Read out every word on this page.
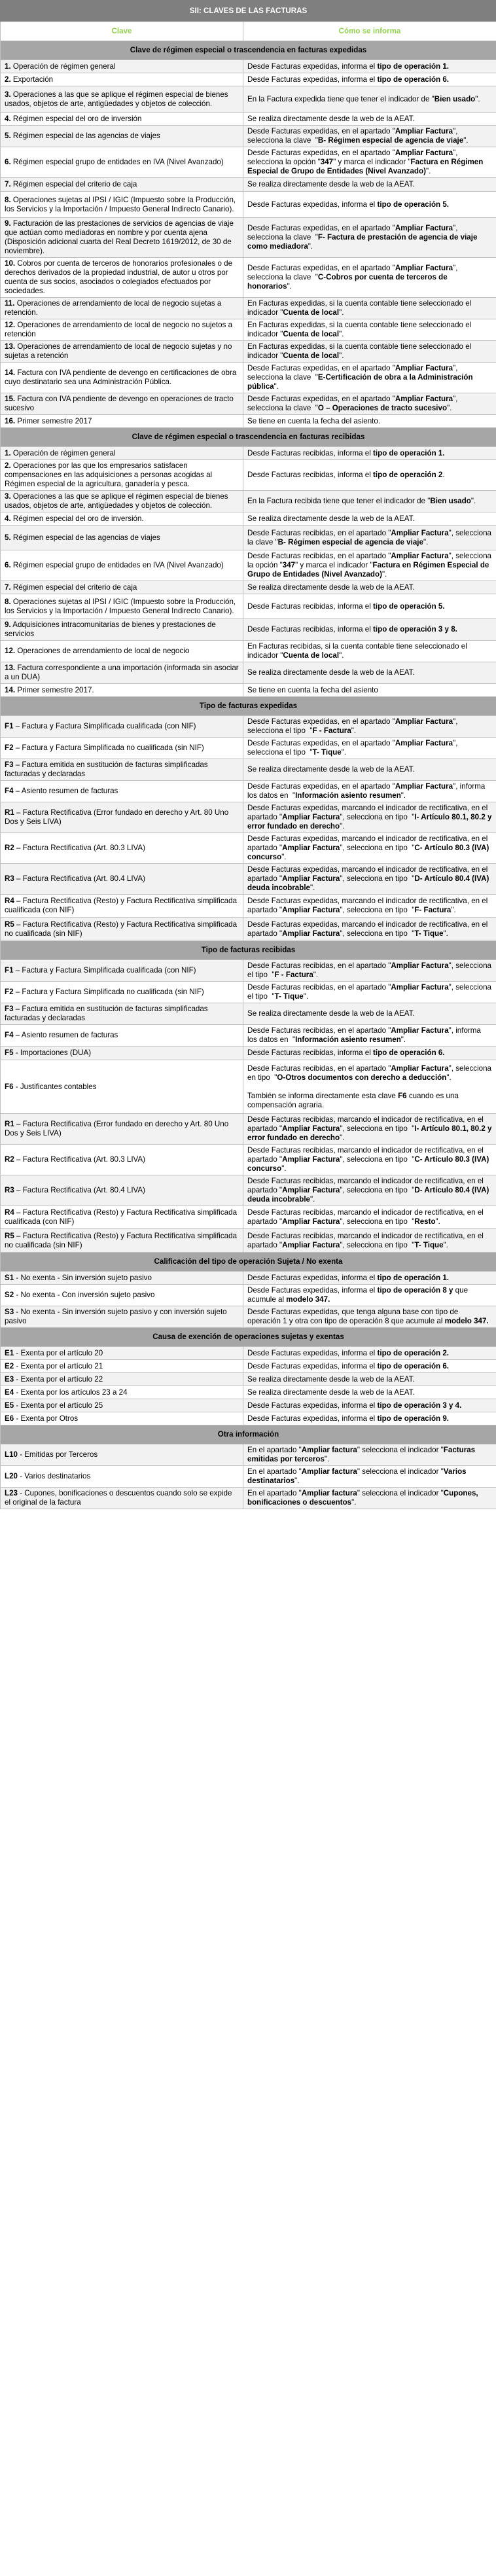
SII: CLAVES DE LAS FACTURAS	
Clave	Cómo se informa
Clave de régimen especial o trascendencia en facturas expedidas	
1. Operación de régimen general	Desde Facturas expedidas, informa el tipo de operación 1.

2. Exportación	Desde Facturas expedidas, informa el tipo de operación 6.

3. Operaciones a las que se aplique el régimen especial de bienes usados, objetos de arte, antigüedades y objetos de colección.	En la Factura expedida tiene que tener el indicador de "Bien usado".

4. Régimen especial del oro de inversión	Se realiza directamente desde la web de la AEAT.

5. Régimen especial de las agencias de viajes	Desde Facturas expedidas, en el apartado "Ampliar Factura", selecciona la clave  "B- Régimen especial de agencia de viaje".

6. Régimen especial grupo de entidades en IVA (Nivel Avanzado)	Desde Facturas expedidas, en el apartado "Ampliar Factura", selecciona la opción "347" y marca el indicador "Factura en Régimen Especial de Grupo de Entidades (Nivel Avanzado)".

7. Régimen especial del criterio de caja	Se realiza directamente desde la web de la AEAT.

8. Operaciones sujetas al IPSI / IGIC (Impuesto sobre la Producción, los Servicios y la Importación / Impuesto General Indirecto Canario).	Desde Facturas expedidas, informa el tipo de operación 5.

9. Facturación de las prestaciones de servicios de agencias de viaje que actúan como mediadoras en nombre y por cuenta ajena (Disposición adicional cuarta del Real Decreto 1619/2012, de 30 de noviembre).	Desde Facturas expedidas, en el apartado "Ampliar Factura", selecciona la clave  "F- Factura de prestación de agencia de viaje como mediadora".

10. Cobros por cuenta de terceros de honorarios profesionales o de derechos derivados de la propiedad industrial, de autor u otros por cuenta de sus socios, asociados o colegiados efectuados por sociedades.	Desde Facturas expedidas, en el apartado "Ampliar Factura", selecciona la clave  "C-Cobros por cuenta de terceros de honorarios".

11. Operaciones de arrendamiento de local de negocio sujetas a retención.	En Facturas expedidas, si la cuenta contable tiene seleccionado el indicador "Cuenta de local".

12. Operaciones de arrendamiento de local de negocio no sujetos a retención	En Facturas expedidas, si la cuenta contable tiene seleccionado el indicador "Cuenta de local".

13. Operaciones de arrendamiento de local de negocio sujetas y no sujetas a retención	En Facturas expedidas, si la cuenta contable tiene seleccionado el indicador "Cuenta de local".

14. Factura con IVA pendiente de devengo en certificaciones de obra cuyo destinatario sea una Administración Pública.	Desde Facturas expedidas, en el apartado "Ampliar Factura", selecciona la clave  "E-Certificación de obra a la Administración pública".

15. Factura con IVA pendiente de devengo en operaciones de tracto sucesivo	Desde Facturas expedidas, en el apartado "Ampliar Factura", selecciona la clave  "O – Operaciones de tracto sucesivo".

16. Primer semestre 2017	Se tiene en cuenta la fecha del asiento.

Clave de régimen especial o trascendencia en facturas recibidas	
1. Operación de régimen general	Desde Facturas recibidas, informa el tipo de operación 1.

2. Operaciones por las que los empresarios satisfacen compensaciones en las adquisiciones a personas acogidas al Régimen especial de la agricultura, ganadería y pesca.	Desde Facturas recibidas, informa el tipo de operación 2.

3. Operaciones a las que se aplique el régimen especial de bienes usados, objetos de arte, antigüedades y objetos de colección.	En la Factura recibida tiene que tener el indicador de "Bien usado".

4. Régimen especial del oro de inversión.	Se realiza directamente desde la web de la AEAT.

5. Régimen especial de las agencias de viajes	Desde Facturas recibidas, en el apartado "Ampliar Factura", selecciona la clave "B- Régimen especial de agencia de viaje".

6. Régimen especial grupo de entidades en IVA (Nivel Avanzado)	Desde Facturas recibidas, en el apartado "Ampliar Factura", selecciona la opción "347" y marca el indicador "Factura en Régimen Especial de Grupo de Entidades (Nivel Avanzado)".

7. Régimen especial del criterio de caja	Se realiza directamente desde la web de la AEAT.

8. Operaciones sujetas al IPSI / IGIC (Impuesto sobre la Producción, los Servicios y la Importación / Impuesto General Indirecto Canario).	Desde Facturas recibidas, informa el tipo de operación 5.

9. Adquisiciones intracomunitarias de bienes y prestaciones de servicios	Desde Facturas recibidas, informa el tipo de operación 3 y 8.

12. Operaciones de arrendamiento de local de negocio	En Facturas recibidas, si la cuenta contable tiene seleccionado el indicador "Cuenta de local".

13. Factura correspondiente a una importación (informada sin asociar a un DUA)	Se realiza directamente desde la web de la AEAT.

14. Primer semestre 2017.	Se tiene en cuenta la fecha del asiento

Tipo de facturas expedidas	
F1 – Factura y Factura Simplificada cualificada (con NIF)	Desde Facturas expedidas, en el apartado "Ampliar Factura", selecciona el tipo  "F - Factura".

F2 – Factura y Factura Simplificada no cualificada (sin NIF)	Desde Facturas expedidas, en el apartado "Ampliar Factura", selecciona el tipo  "T- Tique".

F3 – Factura emitida en sustitución de facturas simplificadas facturadas y declaradas	Se realiza directamente desde la web de la AEAT.

F4 – Asiento resumen de facturas	Desde Facturas expedidas, en el apartado "Ampliar Factura", informa los datos en  "Información asiento resumen".

R1 – Factura Rectificativa (Error fundado en derecho y Art. 80 Uno Dos y Seis LIVA)	Desde Facturas expedidas, marcando el indicador de rectificativa, en el apartado "Ampliar Factura", selecciona en tipo  "I- Artículo 80.1, 80.2 y error fundado en derecho".

R2 – Factura Rectificativa (Art. 80.3 LIVA)	Desde Facturas expedidas, marcando el indicador de rectificativa, en el apartado "Ampliar Factura", selecciona en tipo  "C- Artículo 80.3 (IVA) concurso".

R3 – Factura Rectificativa (Art. 80.4 LIVA)	Desde Facturas expedidas, marcando el indicador de rectificativa, en el apartado "Ampliar Factura", selecciona en tipo  "D- Artículo 80.4 (IVA) deuda incobrable".

R4 – Factura Rectificativa (Resto) y Factura Rectificativa simplificada cualificada (con NIF)	Desde Facturas expedidas, marcando el indicador de rectificativa, en el apartado "Ampliar Factura", selecciona en tipo  "F- Factura".

R5 – Factura Rectificativa (Resto) y Factura Rectificativa simplificada no cualificada (sin NIF)	Desde Facturas expedidas, marcando el indicador de rectificativa, en el apartado "Ampliar Factura", selecciona en tipo  "T- Tique".

Tipo de facturas recibidas	
F1 – Factura y Factura Simplificada cualificada (con NIF)	Desde Facturas recibidas, en el apartado "Ampliar Factura", selecciona el tipo  "F - Factura".

F2 – Factura y Factura Simplificada no cualificada (sin NIF)	Desde Facturas recibidas, en el apartado "Ampliar Factura", selecciona el tipo  "T- Tique".

F3 – Factura emitida en sustitución de facturas simplificadas facturadas y declaradas	Se realiza directamente desde la web de la AEAT.

F4 – Asiento resumen de facturas	Desde Facturas recibidas, en el apartado "Ampliar Factura", informa los datos en  "Información asiento resumen".

F5 - Importaciones (DUA)	Desde Facturas recibidas, informa el tipo de operación 6.

F6 - Justificantes contables	Desde Facturas recibidas, en el apartado "Ampliar Factura", selecciona en tipo  "O-Otros documentos con derecho a deducción".
También se informa directamente esta clave F6 cuando es una compensación agraria.

R1 – Factura Rectificativa (Error fundado en derecho y Art. 80 Uno Dos y Seis LIVA)	Desde Facturas recibidas, marcando el indicador de rectificativa, en el apartado "Ampliar Factura", selecciona en tipo  "I- Artículo 80.1, 80.2 y error fundado en derecho".

R2 – Factura Rectificativa (Art. 80.3 LIVA)	Desde Facturas recibidas, marcando el indicador de rectificativa, en el apartado "Ampliar Factura", selecciona en tipo  "C- Artículo 80.3 (IVA) concurso".

R3 – Factura Rectificativa (Art. 80.4 LIVA)	Desde Facturas recibidas, marcando el indicador de rectificativa, en el apartado "Ampliar Factura", selecciona en tipo  "D- Artículo 80.4 (IVA) deuda incobrable".

R4 – Factura Rectificativa (Resto) y Factura Rectificativa simplificada cualificada (con NIF)	Desde Facturas recibidas, marcando el indicador de rectificativa, en el apartado "Ampliar Factura", selecciona en tipo  "Resto".

R5 – Factura Rectificativa (Resto) y Factura Rectificativa simplificada no cualificada (sin NIF)	Desde Facturas recibidas, marcando el indicador de rectificativa, en el apartado "Ampliar Factura", selecciona en tipo  "T- Tique".

Calificación del tipo de operación Sujeta / No exenta	
S1 - No exenta - Sin inversión sujeto pasivo	Desde Facturas expedidas, informa el tipo de operación 1.

S2 - No exenta - Con inversión sujeto pasivo	Desde Facturas expedidas, informa el tipo de operación 8 y que acumule al modelo 347.

S3 - No exenta - Sin inversión sujeto pasivo y con inversión sujeto pasivo	Desde Facturas expedidas, que tenga alguna base con tipo de operación 1 y otra con tipo de operación 8 que acumule al modelo 347.

Causa de exención de operaciones sujetas y exentas	
E1 - Exenta por el artículo 20	Desde Facturas expedidas, informa el tipo de operación 2.

E2 - Exenta por el artículo 21	Desde Facturas expedidas, informa el tipo de operación 6.

E3 - Exenta por el artículo 22	Se realiza directamente desde la web de la AEAT.

E4 - Exenta por los artículos 23 a 24	Se realiza directamente desde la web de la AEAT.

E5 - Exenta por el artículo 25	Desde Facturas expedidas, informa el tipo de operación 3 y 4.

E6 - Exenta por Otros	Desde Facturas expedidas, informa el tipo de operación 9.

Otra información	
L10 - Emitidas por Terceros	En el apartado "Ampliar factura" selecciona el indicador "Facturas emitidas por terceros".

L20 - Varios destinatarios	En el apartado "Ampliar factura" selecciona el indicador "Varios destinatarios".

L23 - Cupones, bonificaciones o descuentos cuando solo se expide el original de la factura	En el apartado "Ampliar factura" selecciona el indicador "Cupones, bonificaciones o descuentos".
